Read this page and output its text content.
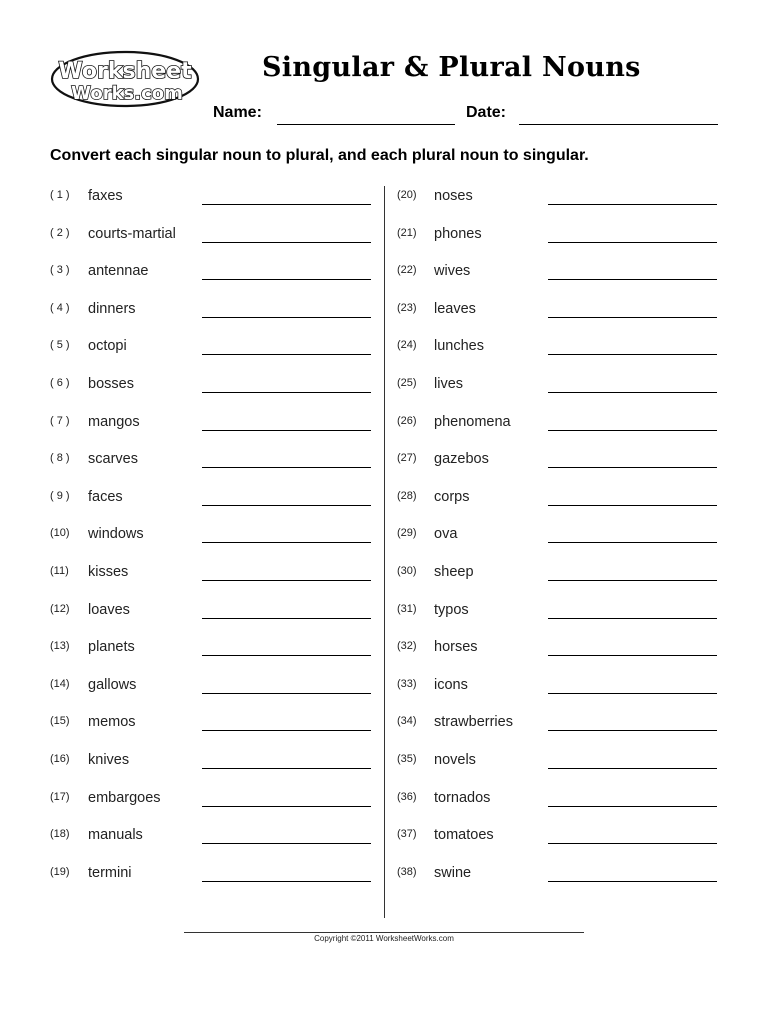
Worksheet
Works.com
Singular & Plural Nouns
Name:	Date:

Convert each singular noun to plural, and each plural noun to singular.

( 1 ) faxes
( 2 ) courts-martial
( 3 ) antennae
( 4 ) dinners
( 5 ) octopi
( 6 ) bosses
( 7 ) mangos
( 8 ) scarves
( 9 ) faces
(10) windows
(11) kisses
(12) loaves
(13) planets
(14) gallows
(15) memos
(16) knives
(17) embargoes
(18) manuals
(19) termini
(20) noses
(21) phones
(22) wives
(23) leaves
(24) lunches
(25) lives
(26) phenomena
(27) gazebos
(28) corps
(29) ova
(30) sheep
(31) typos
(32) horses
(33) icons
(34) strawberries
(35) novels
(36) tornados
(37) tomatoes
(38) swine
Copyright ©2011 WorksheetWorks.com
